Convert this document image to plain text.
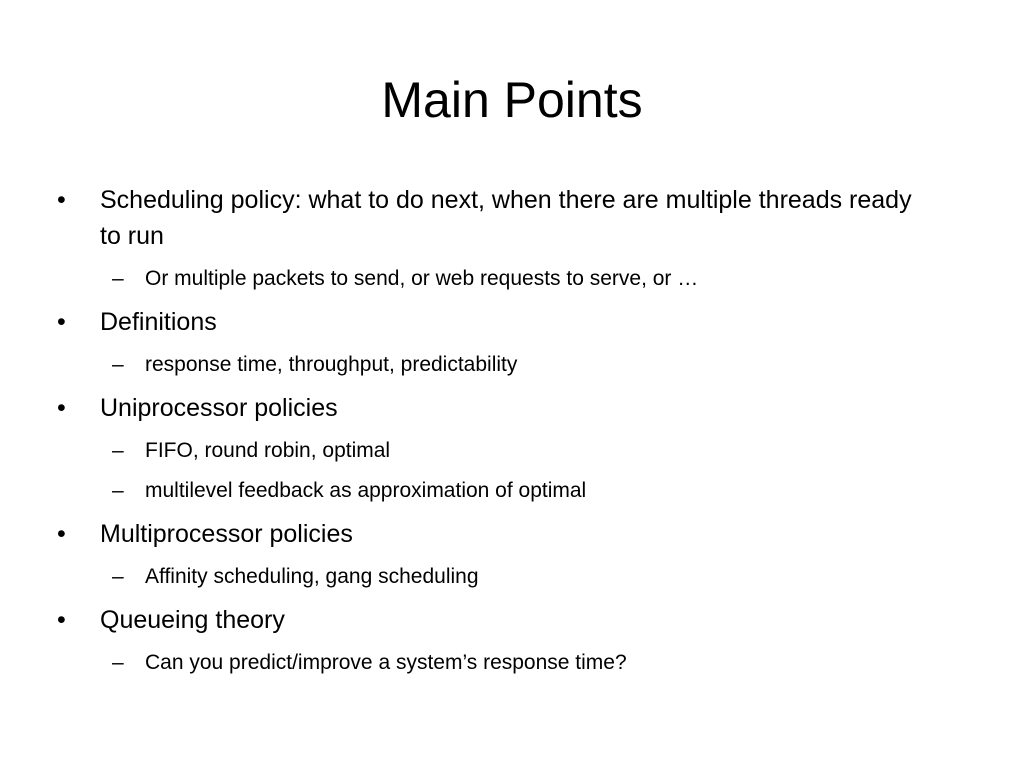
Main Points
• Scheduling policy: what to do next, when there are multiple threads ready to run
– Or multiple packets to send, or web requests to serve, or …
• Definitions
– response time, throughput, predictability
• Uniprocessor policies
– FIFO, round robin, optimal
– multilevel feedback as approximation of optimal
• Multiprocessor policies
– Affinity scheduling, gang scheduling
• Queueing theory
– Can you predict/improve a system’s response time?
